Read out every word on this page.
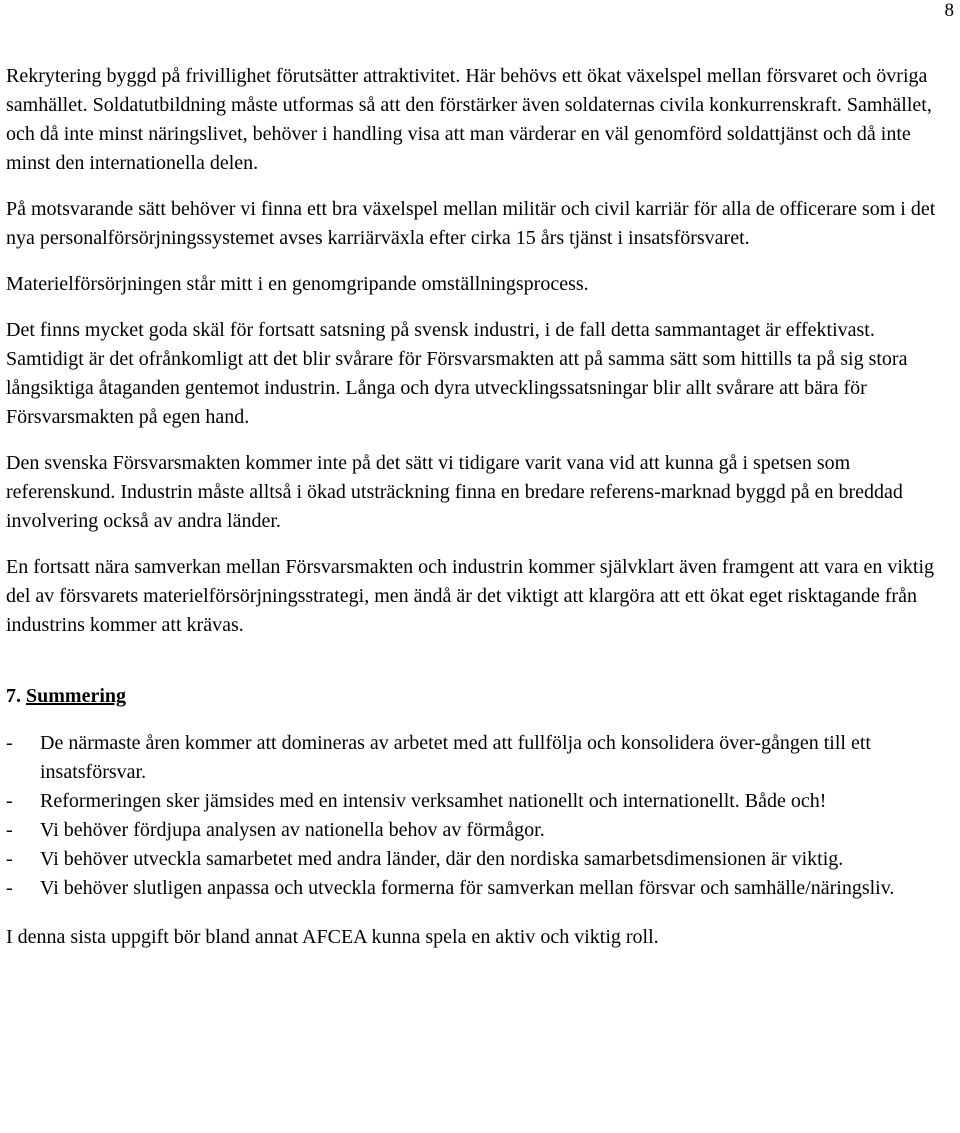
8

Rekrytering byggd på frivillighet förutsätter attraktivitet. Här behövs ett ökat växelspel mellan försvaret och övriga samhället. Soldatutbildning måste utformas så att den förstärker även soldaternas civila konkurrenskraft. Samhället, och då inte minst näringslivet, behöver i handling visa att man värderar en väl genomförd soldattjänst och då inte minst den internationella delen.

På motsvarande sätt behöver vi finna ett bra växelspel mellan militär och civil karriär för alla de officerare som i det nya personalförsörjningssystemet avses karriärväxla efter cirka 15 års tjänst i insatsförsvaret.

Materielförsörjningen står mitt i en genomgripande omställningsprocess.

Det finns mycket goda skäl för fortsatt satsning på svensk industri, i de fall detta sammantaget är effektivast. Samtidigt är det ofrånkomligt att det blir svårare för Försvarsmakten att på samma sätt som hittills ta på sig stora långsiktiga åtaganden gentemot industrin. Långa och dyra utvecklingssatsningar blir allt svårare att bära för Försvarsmakten på egen hand.

Den svenska Försvarsmakten kommer inte på det sätt vi tidigare varit vana vid att kunna gå i spetsen som referenskund. Industrin måste alltså i ökad utsträckning finna en bredare referens-marknad byggd på en breddad involvering också av andra länder.

En fortsatt nära samverkan mellan Försvarsmakten och industrin kommer självklart även framgent att vara en viktig del av försvarets materielförsörjningsstrategi, men ändå är det viktigt att klargöra att ett ökat eget risktagande från industrins kommer att krävas.

7. Summering
- De närmaste åren kommer att domineras av arbetet med att fullfölja och konsolidera över-gången till ett insatsförsvar.
- Reformeringen sker jämsides med en intensiv verksamhet nationellt och internationellt. Både och!
- Vi behöver fördjupa analysen av nationella behov av förmågor.
- Vi behöver utveckla samarbetet med andra länder, där den nordiska samarbetsdimensionen är viktig.
- Vi behöver slutligen anpassa och utveckla formerna för samverkan mellan försvar och samhälle/näringsliv.

I denna sista uppgift bör bland annat AFCEA kunna spela en aktiv och viktig roll.
